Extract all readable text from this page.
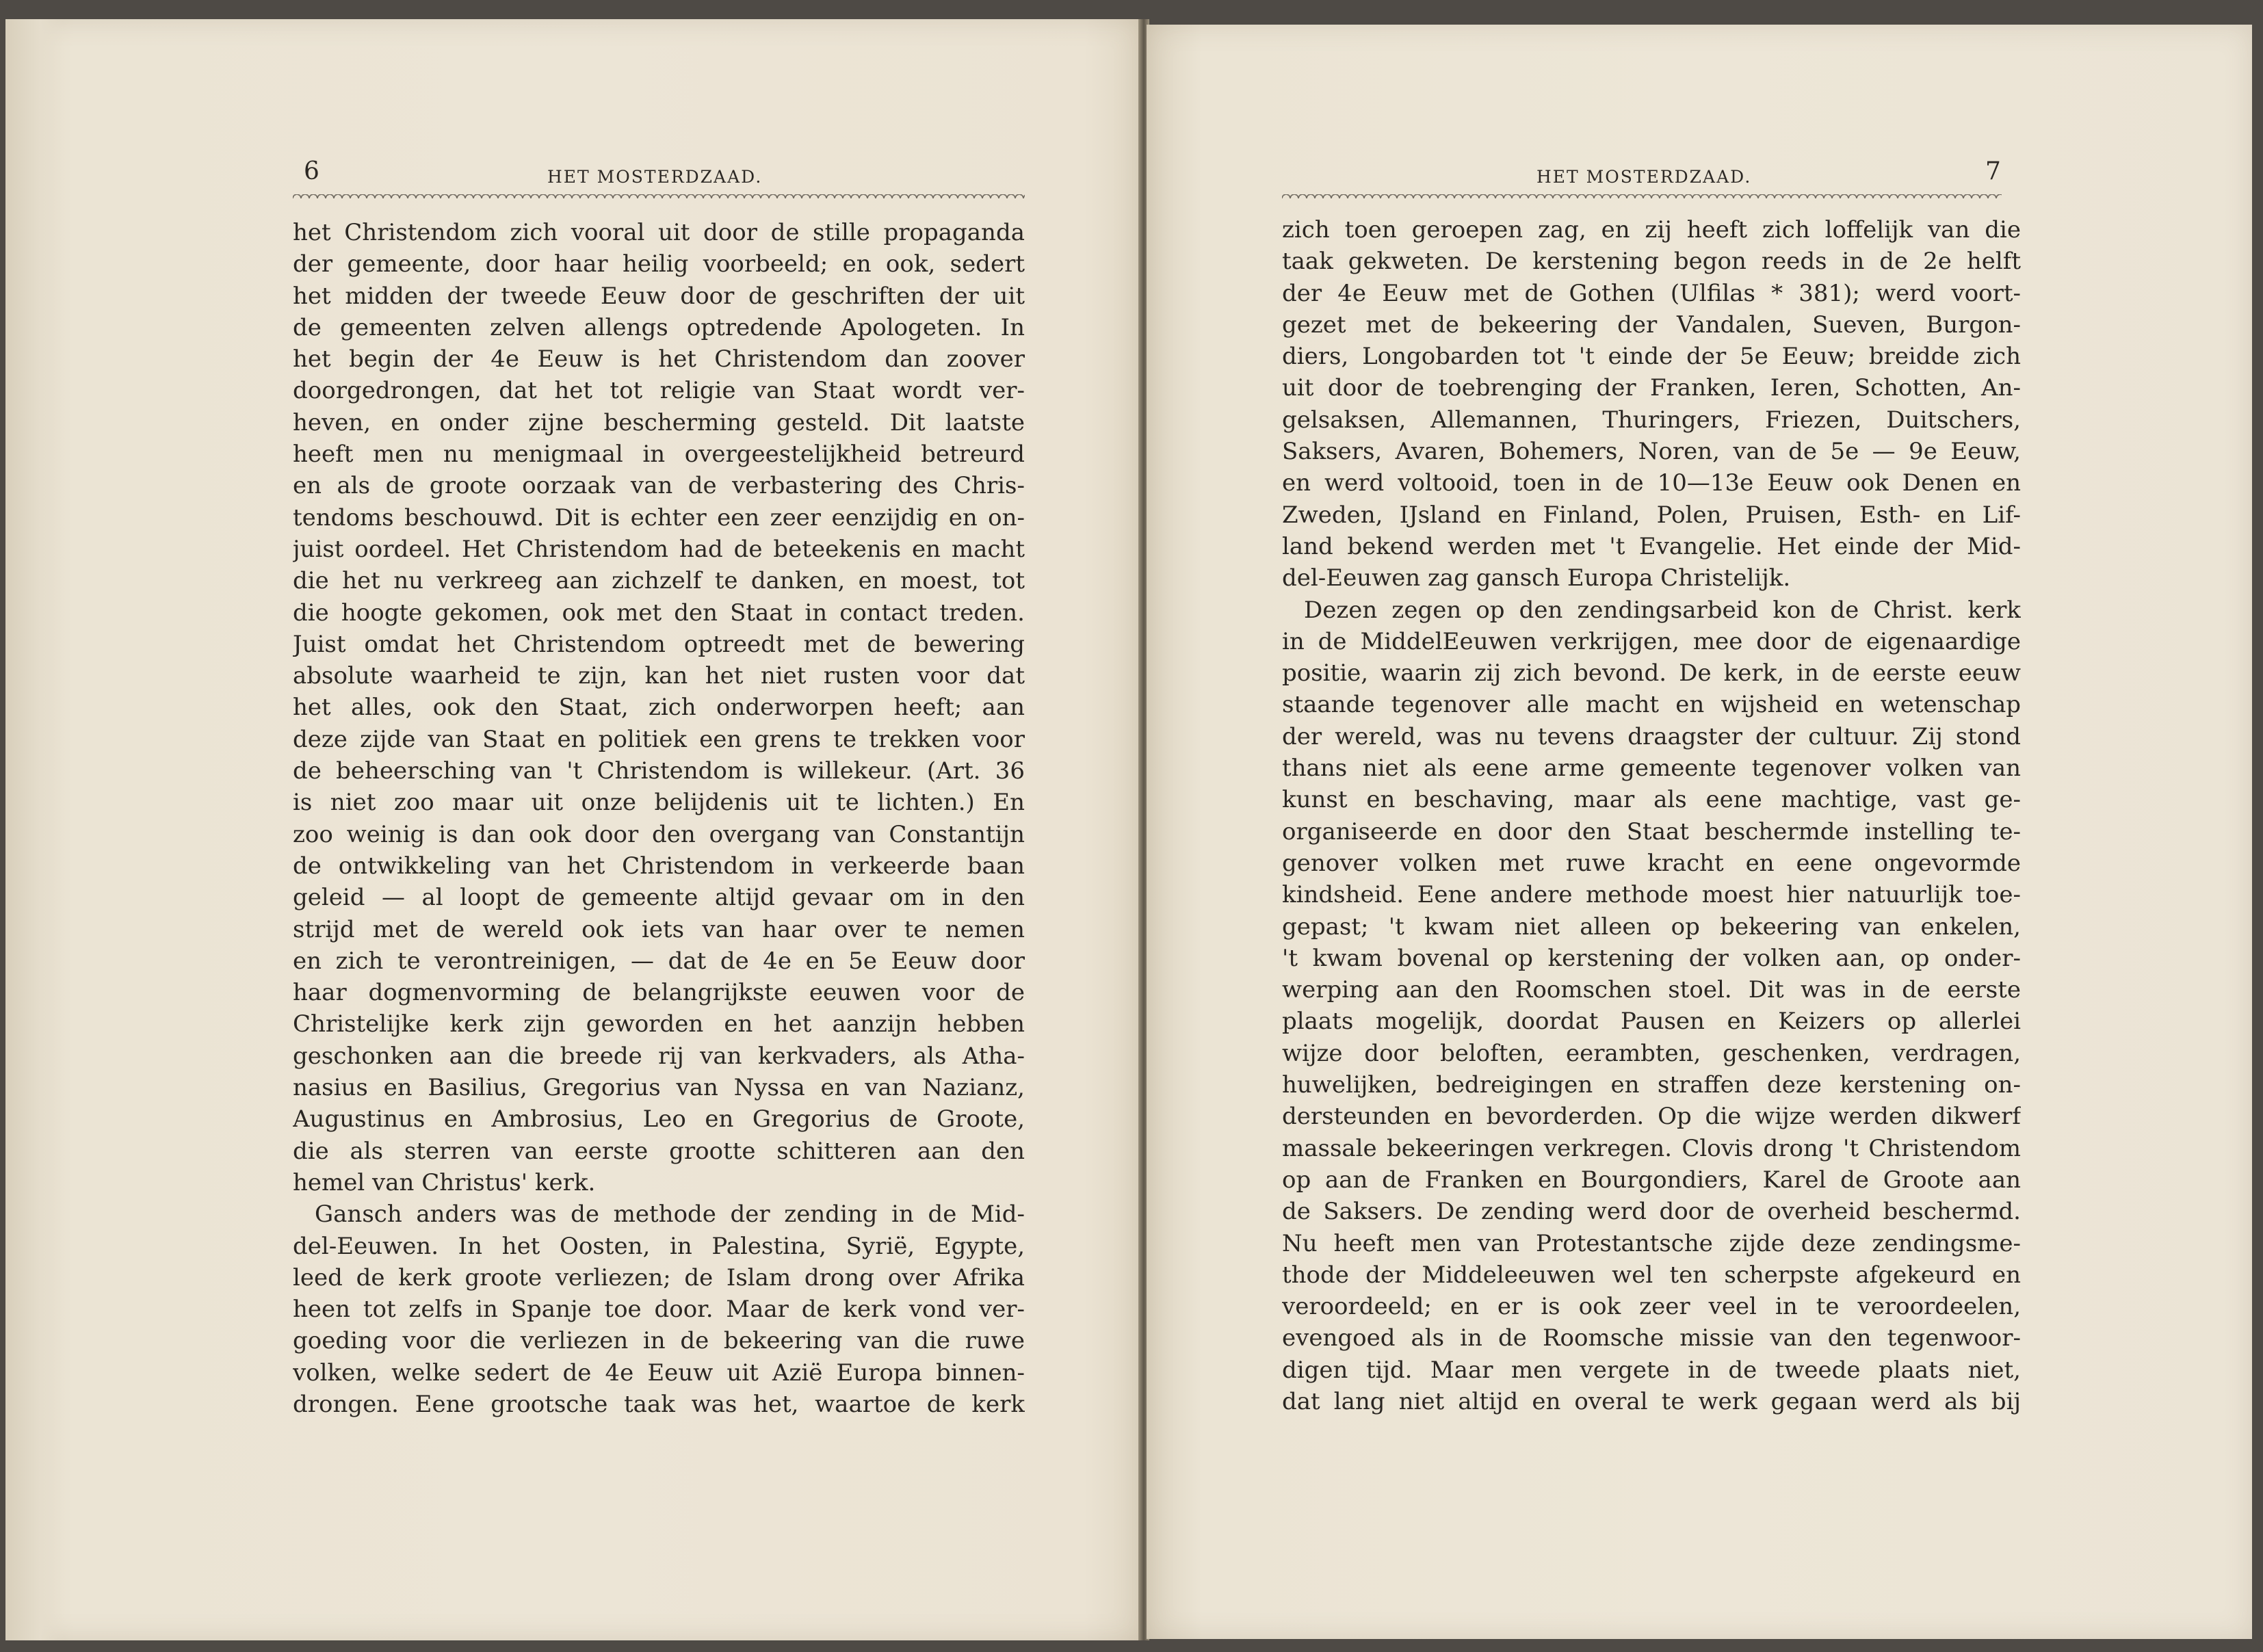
6	HET MOSTERDZAAD.	HET MOSTERDZAAD.	7
het Christendom zich vooral uit door de stille propaganda
der gemeente, door haar heilig voorbeeld; en ook, sedert
het midden der tweede Eeuw door de geschriften der uit
de gemeenten zelven allengs optredende Apologeten. In
het begin der 4e Eeuw is het Christendom dan zoover
doorgedrongen, dat het tot religie van Staat wordt ver-
heven, en onder zijne bescherming gesteld. Dit laatste
heeft men nu menigmaal in overgeestelijkheid betreurd
en als de groote oorzaak van de verbastering des Chris-
tendoms beschouwd. Dit is echter een zeer eenzijdig en on-
juist oordeel. Het Christendom had de beteekenis en macht
die het nu verkreeg aan zichzelf te danken, en moest, tot
die hoogte gekomen, ook met den Staat in contact treden.
Juist omdat het Christendom optreedt met de bewering
absolute waarheid te zijn, kan het niet rusten voor dat
het alles, ook den Staat, zich onderworpen heeft; aan
deze zijde van Staat en politiek een grens te trekken voor
de beheersching van 't Christendom is willekeur. (Art. 36
is niet zoo maar uit onze belijdenis uit te lichten.) En
zoo weinig is dan ook door den overgang van Constantijn
de ontwikkeling van het Christendom in verkeerde baan
geleid — al loopt de gemeente altijd gevaar om in den
strijd met de wereld ook iets van haar over te nemen
en zich te verontreinigen, — dat de 4e en 5e Eeuw door
haar dogmenvorming de belangrijkste eeuwen voor de
Christelijke kerk zijn geworden en het aanzijn hebben
geschonken aan die breede rij van kerkvaders, als Atha-
nasius en Basilius, Gregorius van Nyssa en van Nazianz,
Augustinus en Ambrosius, Leo en Gregorius de Groote,
die als sterren van eerste grootte schitteren aan den
hemel van Christus' kerk.
Gansch anders was de methode der zending in de Mid-
del-Eeuwen. In het Oosten, in Palestina, Syrië, Egypte,
leed de kerk groote verliezen; de Islam drong over Afrika
heen tot zelfs in Spanje toe door. Maar de kerk vond ver-
goeding voor die verliezen in de bekeering van die ruwe
volken, welke sedert de 4e Eeuw uit Azië Europa binnen-
drongen. Eene grootsche taak was het, waartoe de kerk
zich toen geroepen zag, en zij heeft zich loffelijk van die
taak gekweten. De kerstening begon reeds in de 2e helft
der 4e Eeuw met de Gothen (Ulfilas * 381); werd voort-
gezet met de bekeering der Vandalen, Sueven, Burgon-
diers, Longobarden tot 't einde der 5e Eeuw; breidde zich
uit door de toebrenging der Franken, Ieren, Schotten, An-
gelsaksen, Allemannen, Thuringers, Friezen, Duitschers,
Saksers, Avaren, Bohemers, Noren, van de 5e — 9e Eeuw,
en werd voltooid, toen in de 10—13e Eeuw ook Denen en
Zweden, IJsland en Finland, Polen, Pruisen, Esth- en Lif-
land bekend werden met 't Evangelie. Het einde der Mid-
del-Eeuwen zag gansch Europa Christelijk.
Dezen zegen op den zendingsarbeid kon de Christ. kerk
in de MiddelEeuwen verkrijgen, mee door de eigenaardige
positie, waarin zij zich bevond. De kerk, in de eerste eeuw
staande tegenover alle macht en wijsheid en wetenschap
der wereld, was nu tevens draagster der cultuur. Zij stond
thans niet als eene arme gemeente tegenover volken van
kunst en beschaving, maar als eene machtige, vast ge-
organiseerde en door den Staat beschermde instelling te-
genover volken met ruwe kracht en eene ongevormde
kindsheid. Eene andere methode moest hier natuurlijk toe-
gepast; 't kwam niet alleen op bekeering van enkelen,
't kwam bovenal op kerstening der volken aan, op onder-
werping aan den Roomschen stoel. Dit was in de eerste
plaats mogelijk, doordat Pausen en Keizers op allerlei
wijze door beloften, eerambten, geschenken, verdragen,
huwelijken, bedreigingen en straffen deze kerstening on-
dersteunden en bevorderden. Op die wijze werden dikwerf
massale bekeeringen verkregen. Clovis drong 't Christendom
op aan de Franken en Bourgondiers, Karel de Groote aan
de Saksers. De zending werd door de overheid beschermd.
Nu heeft men van Protestantsche zijde deze zendingsme-
thode der Middeleeuwen wel ten scherpste afgekeurd en
veroordeeld; en er is ook zeer veel in te veroordeelen,
evengoed als in de Roomsche missie van den tegenwoor-
digen tijd. Maar men vergete in de tweede plaats niet,
dat lang niet altijd en overal te werk gegaan werd als bij
